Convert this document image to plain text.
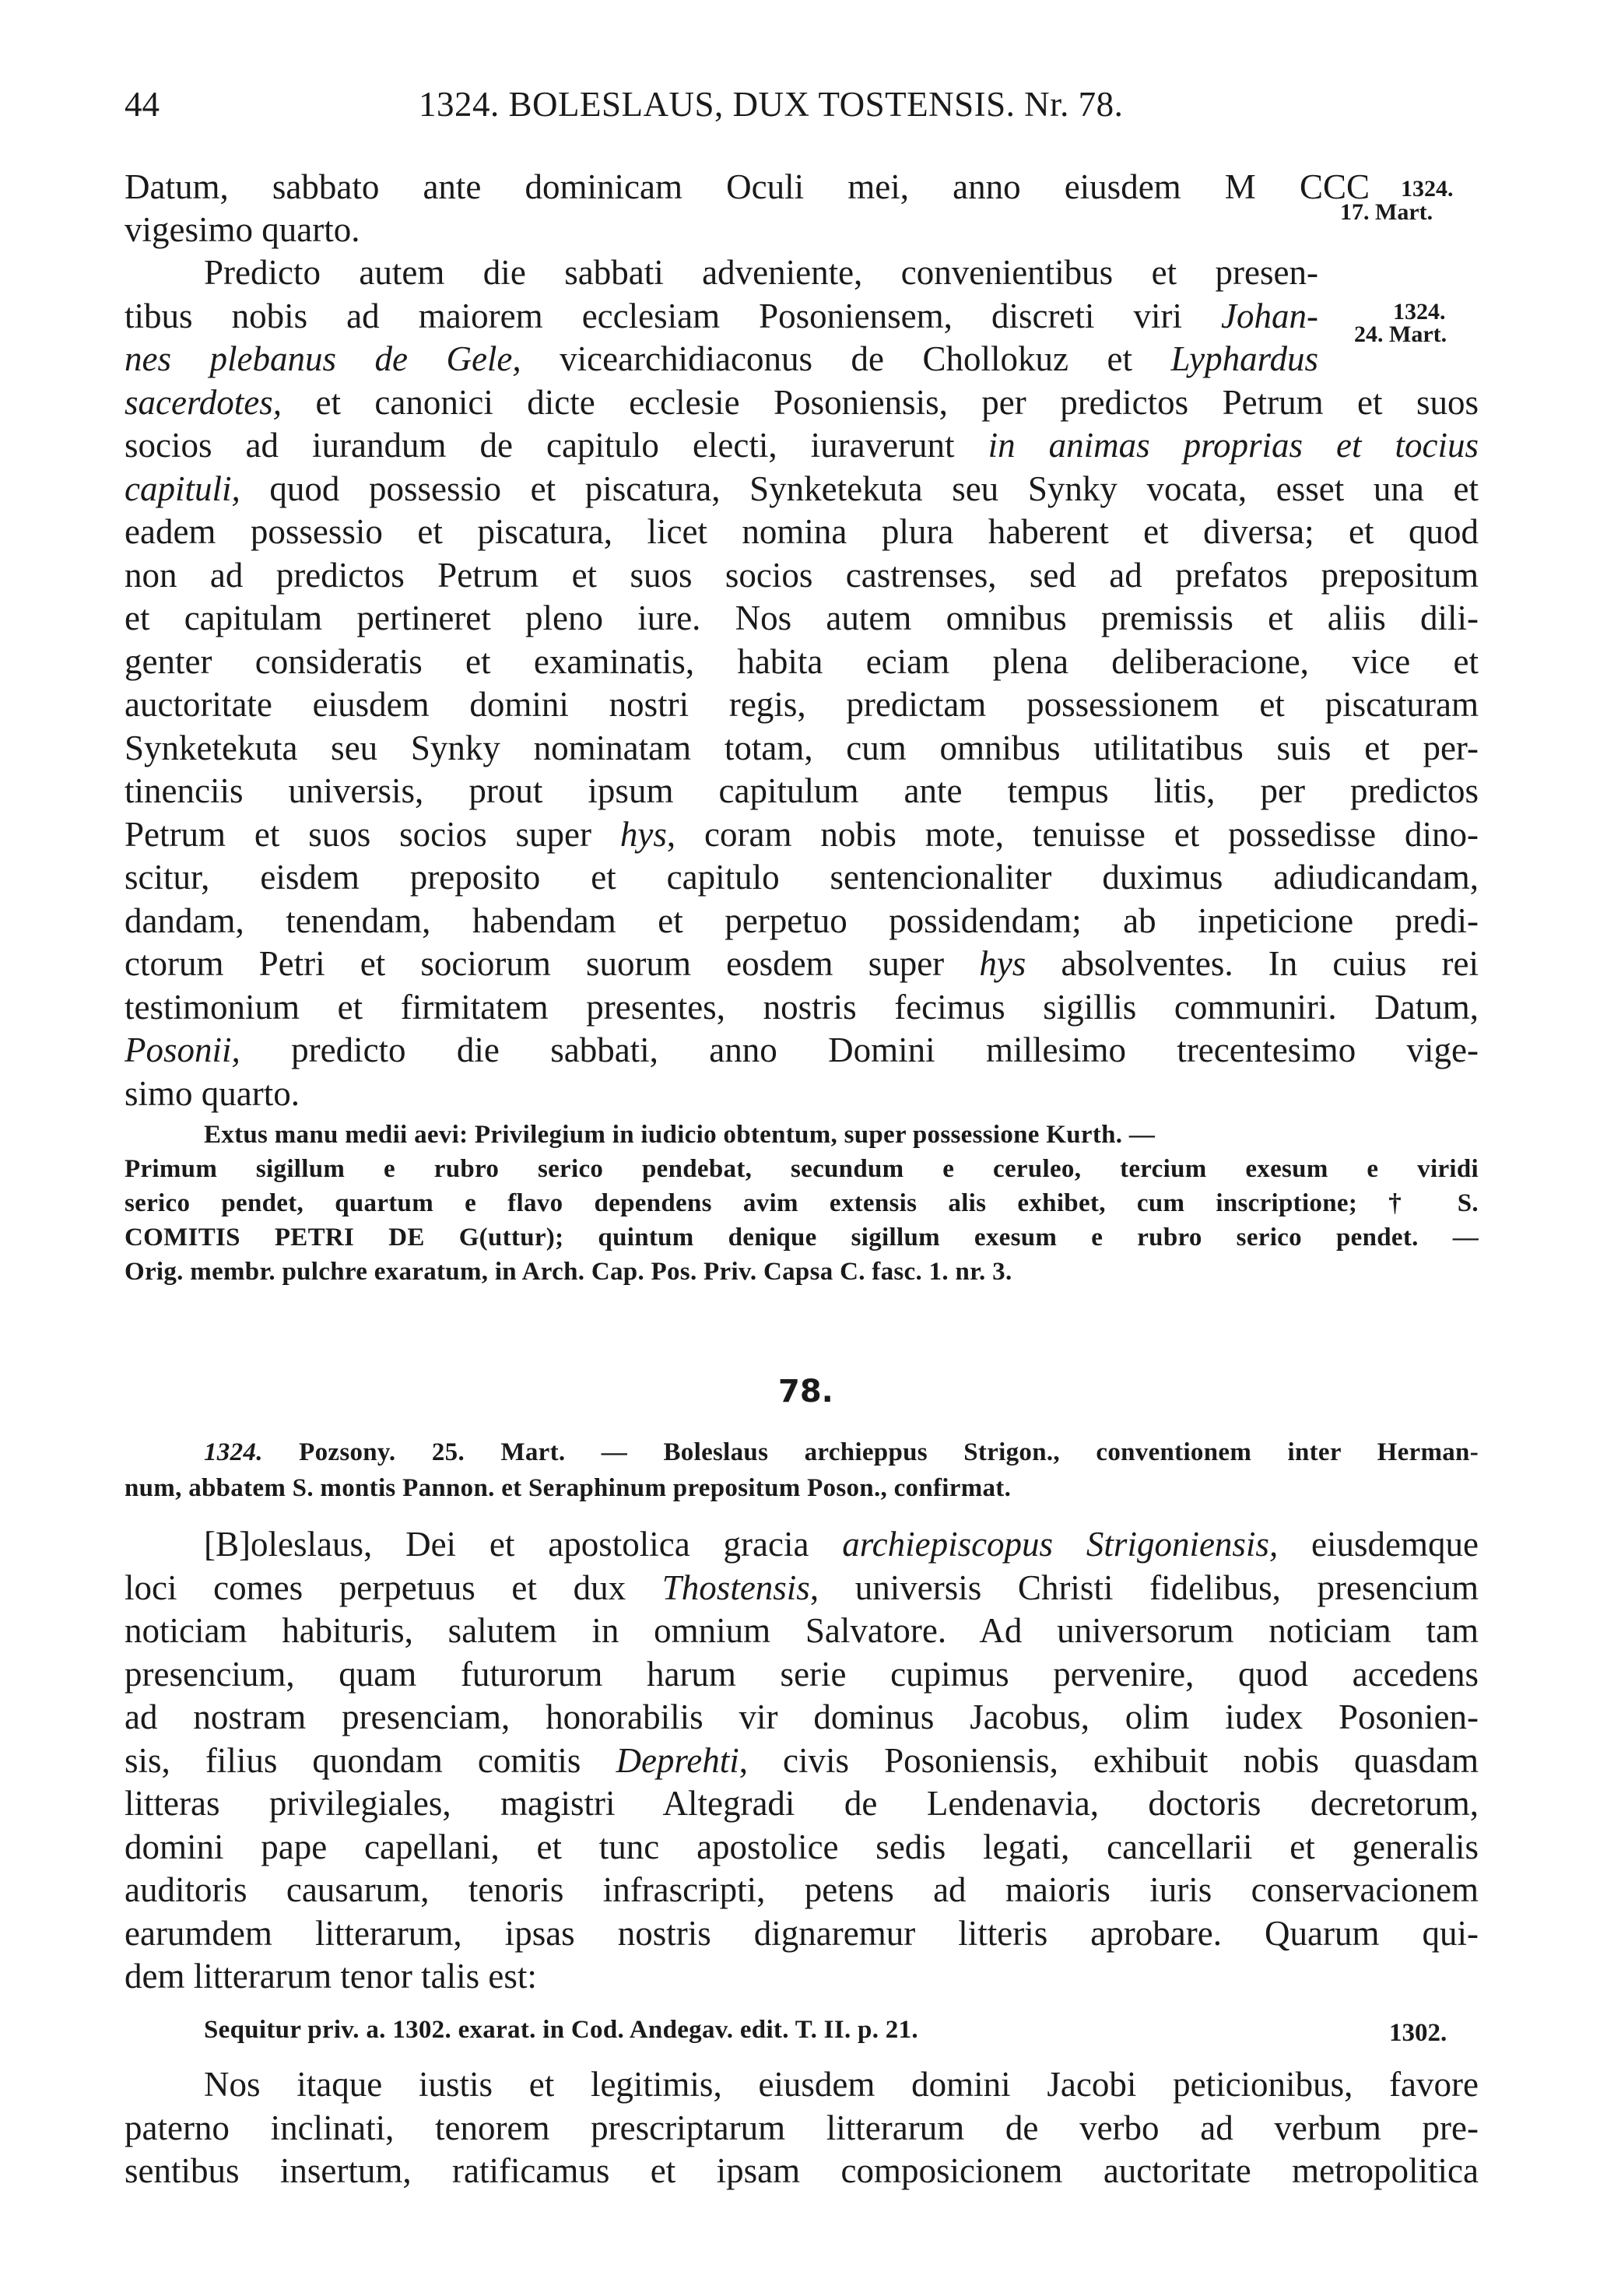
44	1324. BOLESLAUS, DUX TOSTENSIS. Nr. 78.
1324.
17. Mart.
1324.
24. Mart.
Datum, sabbato ante dominicam Oculi mei, anno eiusdem M CCC
vigesimo quarto.
Predicto autem die sabbati adveniente, convenientibus et presen-
tibus nobis ad maiorem ecclesiam Posoniensem, discreti viri Johan-
nes plebanus de Gele, vicearchidiaconus de Chollokuz et Lyphardus
sacerdotes, et canonici dicte ecclesie Posoniensis, per predictos Petrum et suos
socios ad iurandum de capitulo electi, iuraverunt in animas proprias et tocius
capituli, quod possessio et piscatura, Synketekuta seu Synky vocata, esset una et
eadem possessio et piscatura, licet nomina plura haberent et diversa; et quod
non ad predictos Petrum et suos socios castrenses, sed ad prefatos prepositum
et capitulam pertineret pleno iure. Nos autem omnibus premissis et aliis dili-
genter consideratis et examinatis, habita eciam plena deliberacione, vice et
auctoritate eiusdem domini nostri regis, predictam possessionem et piscaturam
Synketekuta seu Synky nominatam totam, cum omnibus utilitatibus suis et per-
tinenciis universis, prout ipsum capitulum ante tempus litis, per predictos
Petrum et suos socios super hys, coram nobis mote, tenuisse et possedisse dino-
scitur, eisdem preposito et capitulo sentencionaliter duximus adiudicandam,
dandam, tenendam, habendam et perpetuo possidendam; ab inpeticione predi-
ctorum Petri et sociorum suorum eosdem super hys absolventes. In cuius rei
testimonium et firmitatem presentes, nostris fecimus sigillis communiri. Datum,
Posonii, predicto die sabbati, anno Domini millesimo trecentesimo vige-
simo quarto.
Extus manu medii aevi: Privilegium in iudicio obtentum, super possessione Kurth. —
Primum sigillum e rubro serico pendebat, secundum e ceruleo, tercium exesum e viridi
serico pendet, quartum e flavo dependens avim extensis alis exhibet, cum inscriptione; † S.
COMITIS PETRI DE G(uttur); quintum denique sigillum exesum e rubro serico pendet. —
Orig. membr. pulchre exaratum, in Arch. Cap. Pos. Priv. Capsa C. fasc. 1. nr. 3.
78.
1324. Pozsony. 25. Mart. — Boleslaus archieppus Strigon., conventionem inter Herman-
num, abbatem S. montis Pannon. et Seraphinum prepositum Poson., confirmat.
[B]oleslaus, Dei et apostolica gracia archiepiscopus Strigoniensis, eiusdemque
loci comes perpetuus et dux Thostensis, universis Christi fidelibus, presencium
noticiam habituris, salutem in omnium Salvatore. Ad universorum noticiam tam
presencium, quam futurorum harum serie cupimus pervenire, quod accedens
ad nostram presenciam, honorabilis vir dominus Jacobus, olim iudex Posonien-
sis, filius quondam comitis Deprehti, civis Posoniensis, exhibuit nobis quasdam
litteras privilegiales, magistri Altegradi de Lendenavia, doctoris decretorum,
domini pape capellani, et tunc apostolice sedis legati, cancellarii et generalis
auditoris causarum, tenoris infrascripti, petens ad maioris iuris conservacionem
earumdem litterarum, ipsas nostris dignaremur litteris aprobare. Quarum qui-
dem litterarum tenor talis est:
Sequitur priv. a. 1302. exarat. in Cod. Andegav. edit. T. II. p. 21.	1302.
Nos itaque iustis et legitimis, eiusdem domini Jacobi peticionibus, favore
paterno inclinati, tenorem prescriptarum litterarum de verbo ad verbum pre-
sentibus insertum, ratificamus et ipsam composicionem auctoritate metropolitica
